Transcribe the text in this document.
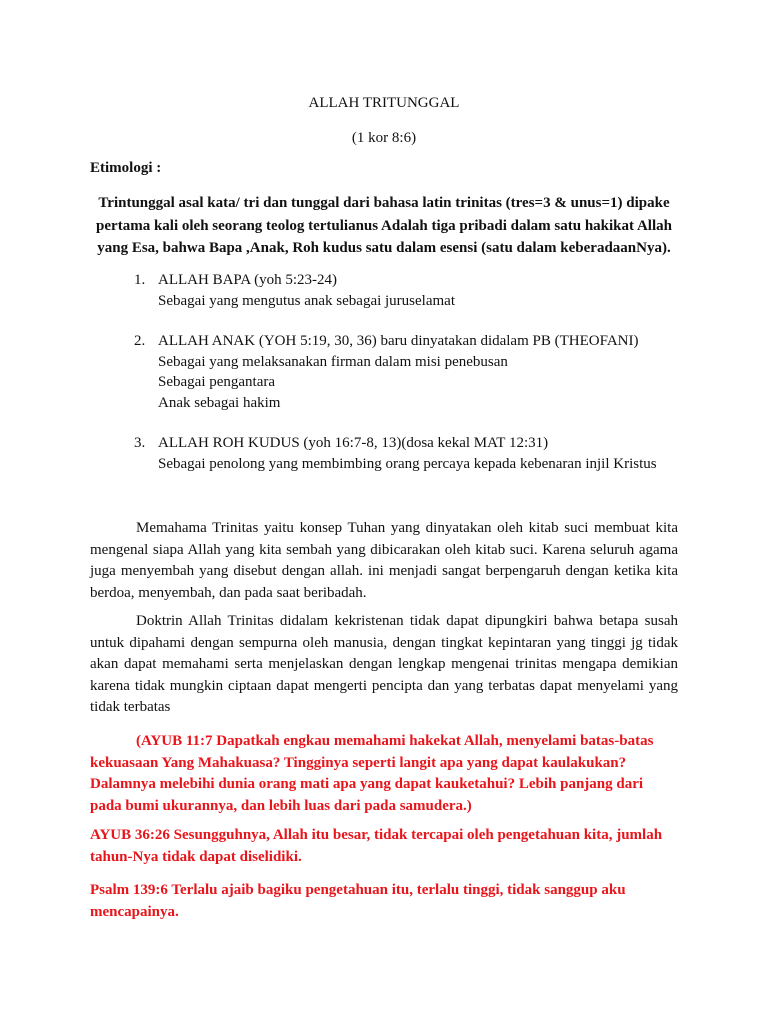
ALLAH TRITUNGGAL
(1 kor 8:6)
Etimologi :
Trintunggal asal kata/ tri dan tunggal dari bahasa latin trinitas (tres=3 & unus=1) dipake pertama kali oleh seorang teolog tertulianus Adalah tiga pribadi dalam satu hakikat Allah yang Esa, bahwa Bapa ,Anak, Roh kudus satu dalam esensi (satu dalam keberadaanNya).
1. ALLAH BAPA (yoh 5:23-24)
Sebagai yang mengutus anak sebagai juruselamat
2. ALLAH ANAK (YOH 5:19, 30, 36) baru dinyatakan didalam PB (THEOFANI)
Sebagai yang melaksanakan firman dalam misi penebusan
Sebagai pengantara
Anak sebagai hakim
3. ALLAH ROH KUDUS (yoh 16:7-8, 13)(dosa kekal MAT 12:31)
Sebagai penolong yang membimbing orang percaya kepada kebenaran injil Kristus

Memahama Trinitas yaitu konsep Tuhan yang dinyatakan oleh kitab suci membuat kita mengenal siapa Allah yang kita sembah yang dibicarakan oleh kitab suci. Karena seluruh agama juga menyembah yang disebut dengan allah. ini menjadi sangat berpengaruh dengan ketika kita berdoa, menyembah, dan pada saat beribadah.

Doktrin Allah Trinitas didalam kekristenan tidak dapat dipungkiri bahwa betapa susah untuk dipahami dengan sempurna oleh manusia, dengan tingkat kepintaran yang tinggi jg tidak akan dapat memahami serta menjelaskan dengan lengkap mengenai trinitas mengapa demikian karena tidak mungkin ciptaan dapat mengerti pencipta dan yang terbatas dapat menyelami yang tidak terbatas

(AYUB 11:7 Dapatkah engkau memahami hakekat Allah, menyelami batas-batas kekuasaan Yang Mahakuasa? Tingginya seperti langit apa yang dapat kaulakukan? Dalamnya melebihi dunia orang mati apa yang dapat kauketahui? Lebih panjang dari pada bumi ukurannya, dan lebih luas dari pada samudera.)
AYUB 36:26 Sesungguhnya, Allah itu besar, tidak tercapai oleh pengetahuan kita, jumlah tahun-Nya tidak dapat diselidiki.
Psalm 139:6 Terlalu ajaib bagiku pengetahuan itu, terlalu tinggi, tidak sanggup aku mencapainya.
